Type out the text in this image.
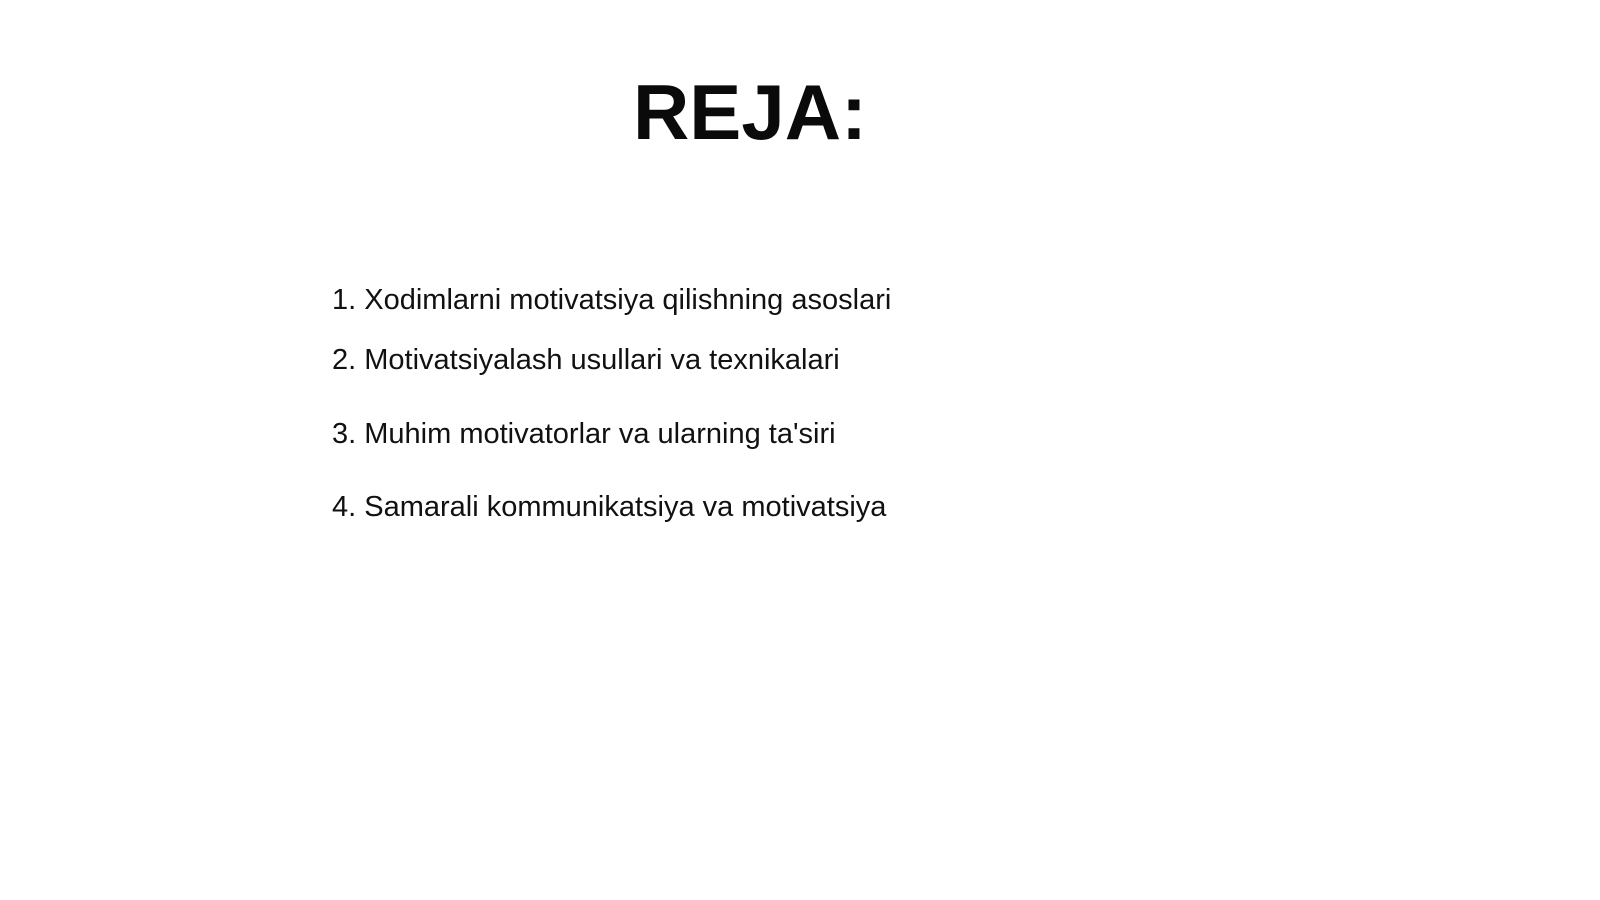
REJA:

1. Xodimlarni motivatsiya qilishning asoslari

2. Motivatsiyalash usullari va texnikalari

3. Muhim motivatorlar va ularning ta'siri

4. Samarali kommunikatsiya va motivatsiya
